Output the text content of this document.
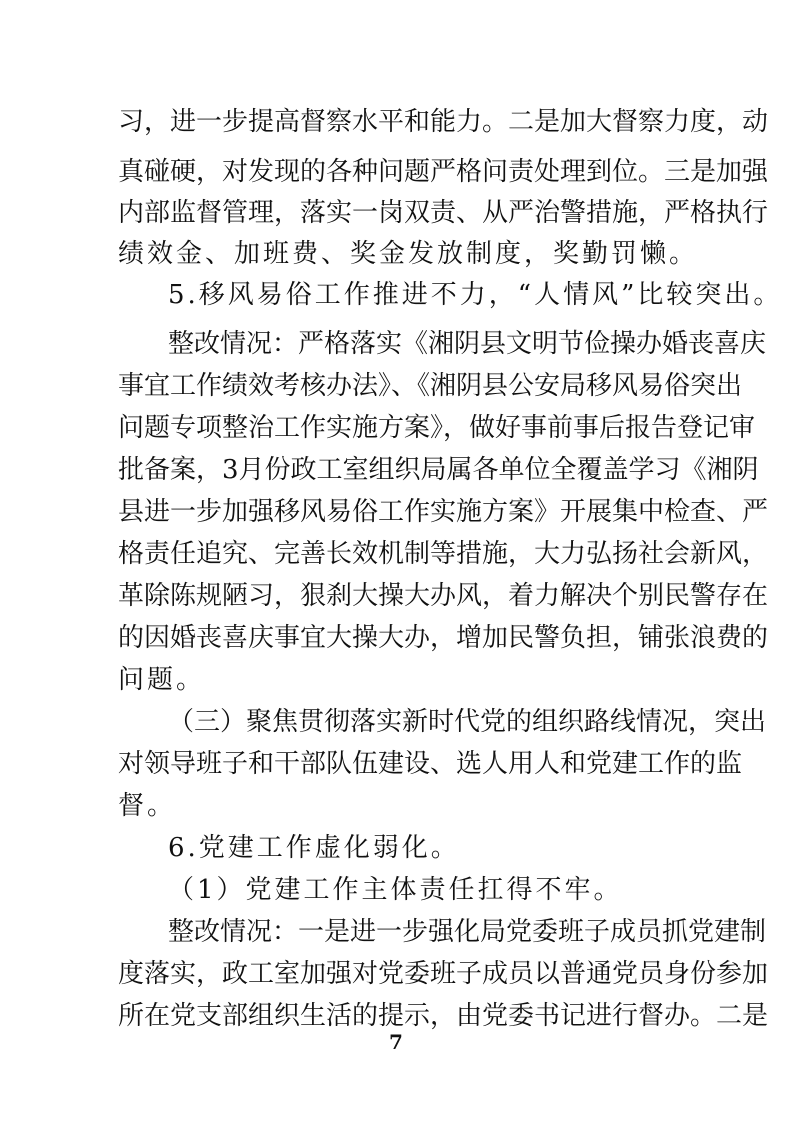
习，进一步提高督察水平和能力。二是加大督察力度，动
真碰硬，对发现的各种问题严格问责处理到位。三是加强
内部监督管理，落实一岗双责、从严治警措施，严格执行
绩效金、加班费、奖金发放制度，奖勤罚懒。
5.移风易俗工作推进不力，“人情风”比较突出。
整改情况：严格落实《湘阴县文明节俭操办婚丧喜庆
事宜工作绩效考核办法》、《湘阴县公安局移风易俗突出
问题专项整治工作实施方案》，做好事前事后报告登记审
批备案，3月份政工室组织局属各单位全覆盖学习《湘阴
县进一步加强移风易俗工作实施方案》开展集中检查、严
格责任追究、完善长效机制等措施，大力弘扬社会新风，
革除陈规陋习，狠刹大操大办风，着力解决个别民警存在
的因婚丧喜庆事宜大操大办，增加民警负担，铺张浪费的
问题。
（三）聚焦贯彻落实新时代党的组织路线情况，突出
对领导班子和干部队伍建设、选人用人和党建工作的监
督。
6.党建工作虚化弱化。
（1）党建工作主体责任扛得不牢。
整改情况：一是进一步强化局党委班子成员抓党建制
度落实，政工室加强对党委班子成员以普通党员身份参加
所在党支部组织生活的提示，由党委书记进行督办。二是
7
